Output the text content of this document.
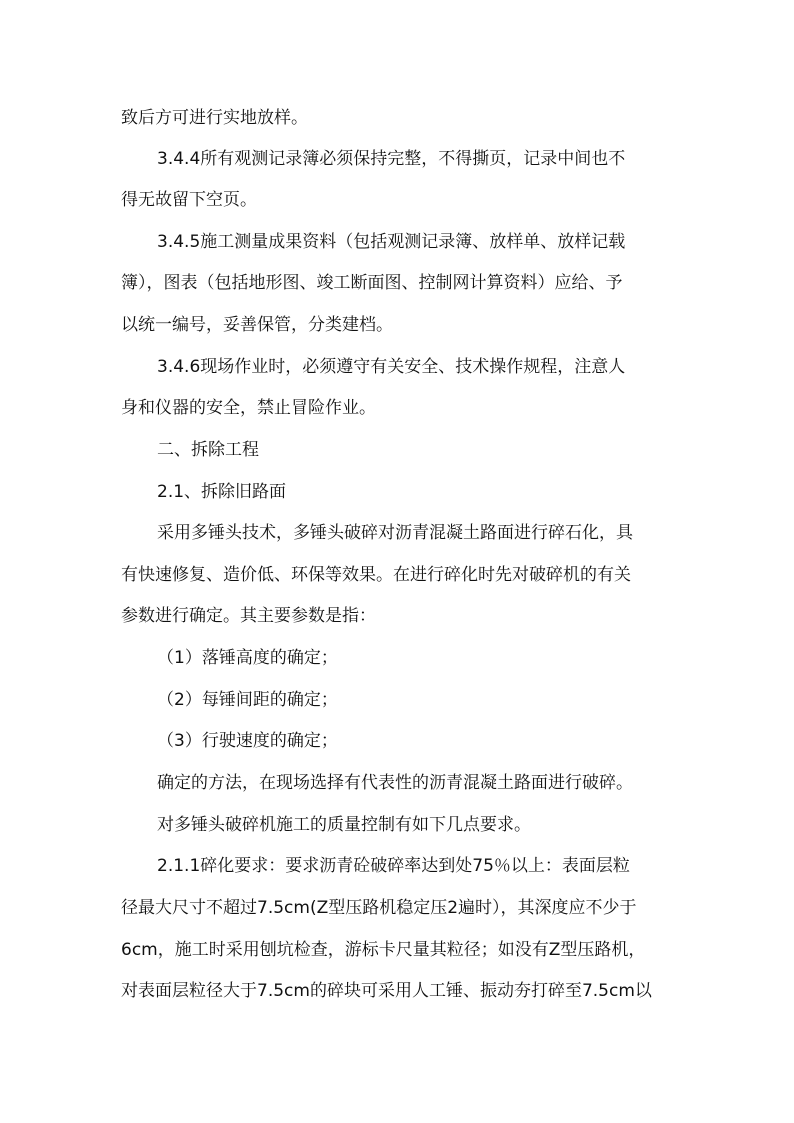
致后方可进行实地放样。

3.4.4所有观测记录簿必须保持完整，不得撕页，记录中间也不

得无故留下空页。

3.4.5施工测量成果资料（包括观测记录簿、放样单、放样记载

簿），图表（包括地形图、竣工断面图、控制网计算资料）应给、予

以统一编号，妥善保管，分类建档。

3.4.6现场作业时，必须遵守有关安全、技术操作规程，注意人

身和仪器的安全，禁止冒险作业。

二、拆除工程

2.1、拆除旧路面

采用多锤头技术，多锤头破碎对沥青混凝土路面进行碎石化，具

有快速修复、造价低、环保等效果。在进行碎化时先对破碎机的有关

参数进行确定。其主要参数是指：

（1）落锤高度的确定；

（2）每锤间距的确定；

（3）行驶速度的确定；

确定的方法，在现场选择有代表性的沥青混凝土路面进行破碎。

对多锤头破碎机施工的质量控制有如下几点要求。

2.1.1碎化要求：要求沥青砼破碎率达到处75％以上：表面层粒

径最大尺寸不超过7.5cm(Z型压路机稳定压2遍时），其深度应不少于

6cm，施工时采用刨坑检查，游标卡尺量其粒径；如没有Z型压路机，

对表面层粒径大于7.5cm的碎块可采用人工锤、振动夯打碎至7.5cm以
